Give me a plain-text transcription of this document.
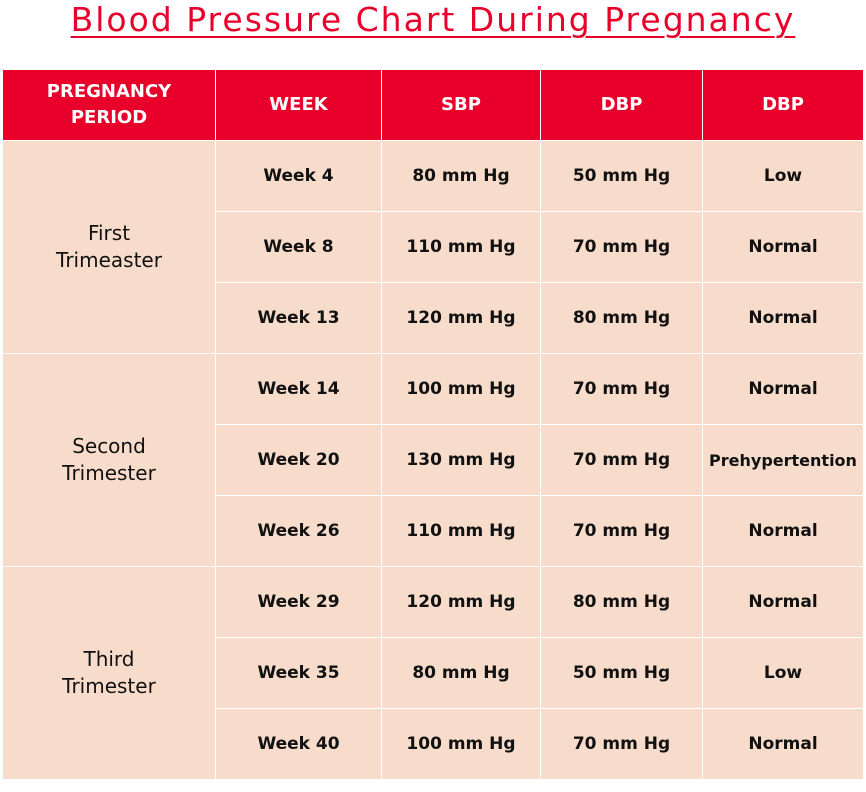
Blood Pressure Chart During Pregnancy
PREGNANCY PERIOD	WEEK	SBP	DBP	DBP
First Trimeaster	Week 4	80 mm Hg	50 mm Hg	Low
	Week 8	110 mm Hg	70 mm Hg	Normal
	Week 13	120 mm Hg	80 mm Hg	Normal
Second Trimester	Week 14	100 mm Hg	70 mm Hg	Normal
	Week 20	130 mm Hg	70 mm Hg	Prehypertention
	Week 26	110 mm Hg	70 mm Hg	Normal
Third Trimester	Week 29	120 mm Hg	80 mm Hg	Normal
	Week 35	80 mm Hg	50 mm Hg	Low
	Week 40	100 mm Hg	70 mm Hg	Normal
